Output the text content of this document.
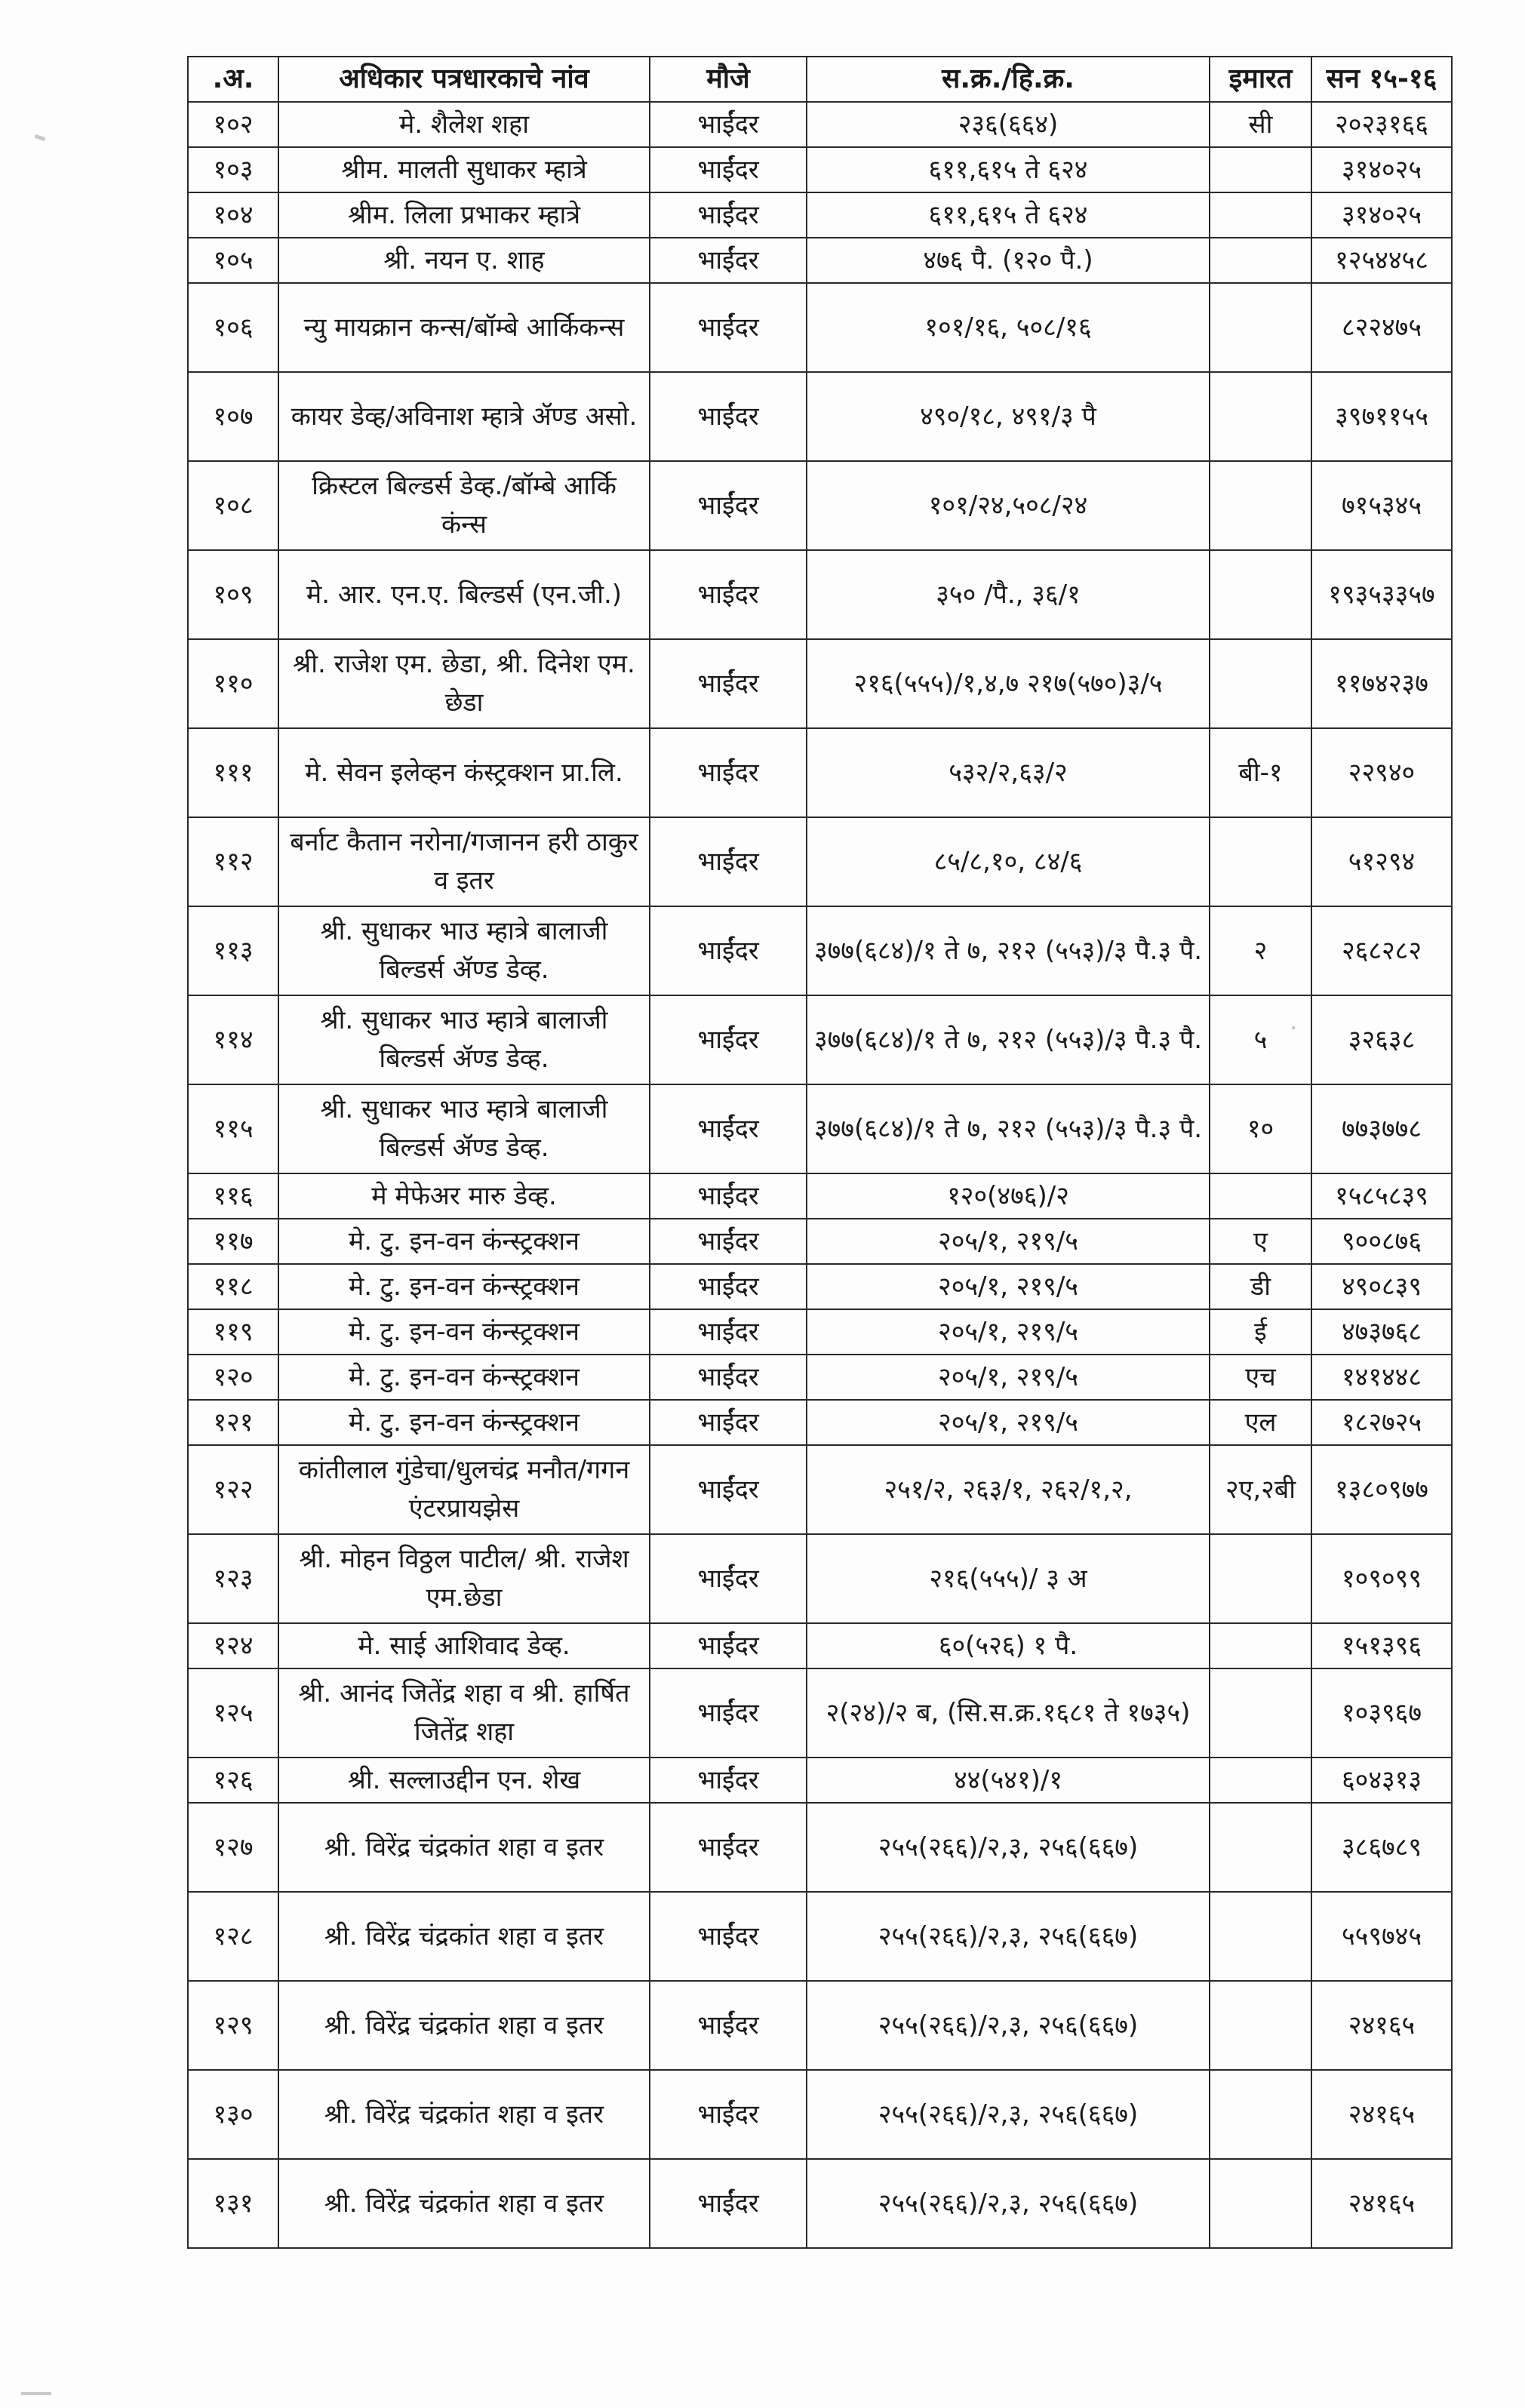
.अ.	अधिकार पत्रधारकाचे नांव	मौजे	स.क्र./हि.क्र.	इमारत	सन १५-१६
१०२	मे. शैलेश शहा	भाईंदर	२३६(६६४)	सी	२०२३१६६
१०३	श्रीम. मालती सुधाकर म्हात्रे	भाईंदर	६११,६१५ ते ६२४		३१४०२५
१०४	श्रीम. लिला प्रभाकर म्हात्रे	भाईंदर	६११,६१५ ते ६२४		३१४०२५
१०५	श्री. नयन ए. शाह	भाईंदर	४७६ पै. (१२० पै.)		१२५४४५८
१०६	न्यु मायक्रान कन्स/बॉम्बे आर्किकन्स	भाईंदर	१०१/१६, ५०८/१६		८२२४७५
१०७	कायर डेव्ह/अविनाश म्हात्रे ॲण्ड असो.	भाईंदर	४९०/१८, ४९१/३ पै		३९७११५५
१०८	क्रिस्टल बिल्डर्स डेव्ह./बॉम्बे आर्कि कंन्स	भाईंदर	१०१/२४,५०८/२४		७१५३४५
१०९	मे. आर. एन.ए. बिल्डर्स (एन.जी.)	भाईंदर	३५० /पै., ३६/१		१९३५३३५७
११०	श्री. राजेश एम. छेडा, श्री. दिनेश एम. छेडा	भाईंदर	२१६(५५५)/१,४,७ २१७(५७०)३/५		११७४२३७
१११	मे. सेवन इलेव्हन कंस्ट्रक्शन प्रा.लि.	भाईंदर	५३२/२,६३/२	बी-१	२२९४०
११२	बर्नाट कैतान नरोना/गजानन हरी ठाकुर व इतर	भाईंदर	८५/८,१०, ८४/६		५१२९४
११३	श्री. सुधाकर भाउ म्हात्रे बालाजी बिल्डर्स ॲण्ड डेव्ह.	भाईंदर	३७७(६८४)/१ ते ७, २१२ (५५३)/३ पै.३ पै.	२	२६८२८२
११४	श्री. सुधाकर भाउ म्हात्रे बालाजी बिल्डर्स ॲण्ड डेव्ह.	भाईंदर	३७७(६८४)/१ ते ७, २१२ (५५३)/३ पै.३ पै.	५	३२६३८
११५	श्री. सुधाकर भाउ म्हात्रे बालाजी बिल्डर्स ॲण्ड डेव्ह.	भाईंदर	३७७(६८४)/१ ते ७, २१२ (५५३)/३ पै.३ पै.	१०	७७३७७८
११६	मे मेफेअर मारु डेव्ह.	भाईंदर	१२०(४७६)/२		१५८५८३९
११७	मे. टु. इन-वन कंन्स्ट्रक्शन	भाईंदर	२०५/१, २१९/५	ए	९००८७६
११८	मे. टु. इन-वन कंन्स्ट्रक्शन	भाईंदर	२०५/१, २१९/५	डी	४९०८३९
११९	मे. टु. इन-वन कंन्स्ट्रक्शन	भाईंदर	२०५/१, २१९/५	ई	४७३७६८
१२०	मे. टु. इन-वन कंन्स्ट्रक्शन	भाईंदर	२०५/१, २१९/५	एच	१४१४४८
१२१	मे. टु. इन-वन कंन्स्ट्रक्शन	भाईंदर	२०५/१, २१९/५	एल	१८२७२५
१२२	कांतीलाल गुंडेचा/धुलचंद्र मनौत/गगन एंटरप्रायझेस	भाईंदर	२५१/२, २६३/१, २६२/१,२,	२ए,२बी	१३८०९७७
१२३	श्री. मोहन विठ्ठल पाटील/ श्री. राजेश एम.छेडा	भाईंदर	२१६(५५५)/ ३ अ		१०९०९९
१२४	मे. साई आशिवाद डेव्ह.	भाईंदर	६०(५२६) १ पै.		१५१३९६
१२५	श्री. आनंद जितेंद्र शहा व श्री. हार्षित जितेंद्र शहा	भाईंदर	२(२४)/२ ब, (सि.स.क्र.१६८१ ते १७३५)		१०३९६७
१२६	श्री. सल्लाउद्दीन एन. शेख	भाईंदर	४४(५४१)/१		६०४३१३
१२७	श्री. विरेंद्र चंद्रकांत शहा व इतर	भाईंदर	२५५(२६६)/२,३, २५६(६६७)		३८६७८९
१२८	श्री. विरेंद्र चंद्रकांत शहा व इतर	भाईंदर	२५५(२६६)/२,३, २५६(६६७)		५५९७४५
१२९	श्री. विरेंद्र चंद्रकांत शहा व इतर	भाईंदर	२५५(२६६)/२,३, २५६(६६७)		२४१६५
१३०	श्री. विरेंद्र चंद्रकांत शहा व इतर	भाईंदर	२५५(२६६)/२,३, २५६(६६७)		२४१६५
१३१	श्री. विरेंद्र चंद्रकांत शहा व इतर	भाईंदर	२५५(२६६)/२,३, २५६(६६७)		२४१६५
